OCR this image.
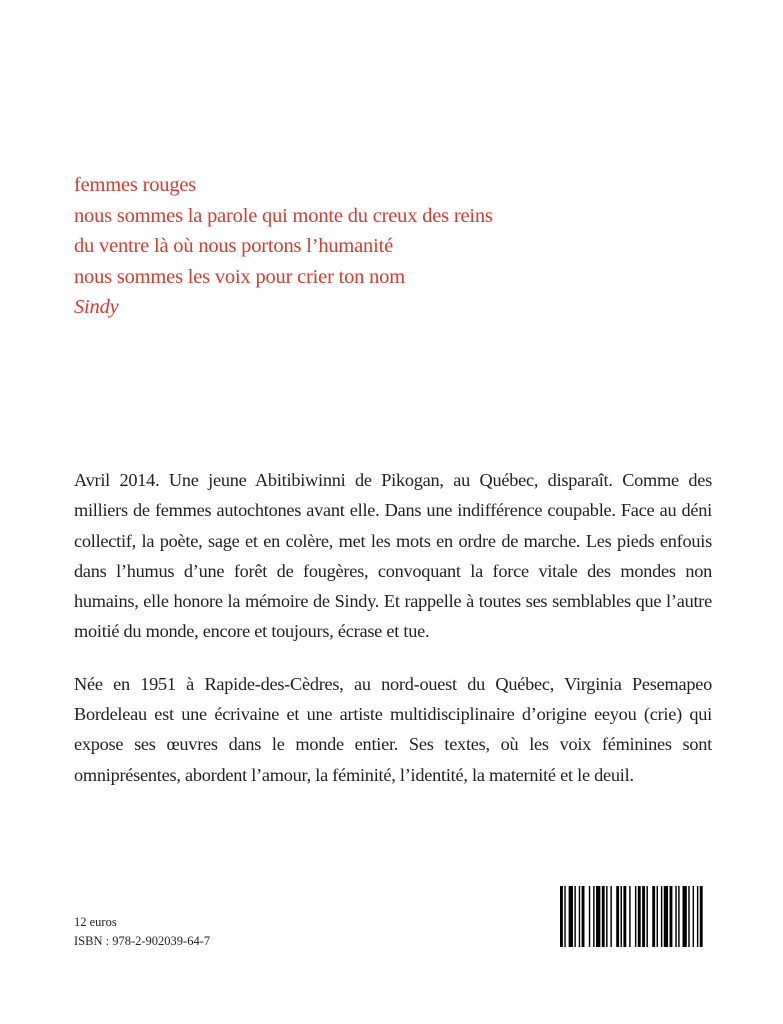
femmes rouges
nous sommes la parole qui monte du creux des reins
du ventre là où nous portons l’humanité
nous sommes les voix pour crier ton nom
Sindy

Avril 2014. Une jeune Abitibiwinni de Pikogan, au Québec, disparaît. Comme des milliers de femmes autochtones avant elle. Dans une indifférence coupable. Face au déni collectif, la poète, sage et en colère, met les mots en ordre de marche. Les pieds enfouis dans l’humus d’une forêt de fougères, convoquant la force vitale des mondes non humains, elle honore la mémoire de Sindy. Et rappelle à toutes ses semblables que l’autre moitié du monde, encore et toujours, écrase et tue.

Née en 1951 à Rapide-des-Cèdres, au nord-ouest du Québec, Virginia Pesemapeo Bordeleau est une écrivaine et une artiste multidisciplinaire d’origine eeyou (crie) qui expose ses œuvres dans le monde entier. Ses textes, où les voix féminines sont omniprésentes, abordent l’amour, la féminité, l’identité, la maternité et le deuil.

12 euros
ISBN : 978-2-902039-64-7
